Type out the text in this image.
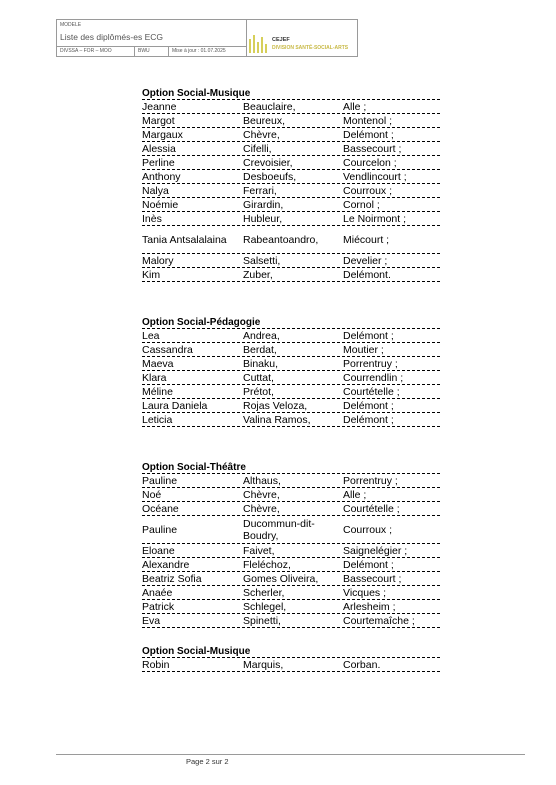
MODELE
Liste des diplômés-es ECG
DIVSSA – FOR – MOO	BWU	Mise à jour : 01.07.2025
CEJEF
DIVISION SANTÉ-SOCIAL-ARTS
Option Social-Musique
Jeanne	Beauclaire,	Alle ;
Margot	Beureux,	Montenol ;
Margaux	Chèvre,	Delémont ;
Alessia	Cifelli,	Bassecourt ;
Perline	Crevoisier,	Courcelon ;
Anthony	Desboeufs,	Vendlincourt ;
Nalya	Ferrari,	Courroux ;
Noémie	Girardin,	Cornol ;
Inès	Hubleur,	Le Noirmont ;
Tania Antsalalaina	Rabeantoandro,	Miécourt ;
Malory	Salsetti,	Develier ;
Kim	Zuber,	Delémont.
Option Social-Pédagogie
Lea	Andrea,	Delémont ;
Cassandra	Berdat,	Moutier ;
Maeva	Binaku,	Porrentruy ;
Klara	Cuttat,	Courrendlin ;
Méline	Prétot,	Courtételle ;
Laura Daniela	Rojas Veloza,	Delémont ;
Leticia	Valina Ramos,	Delémont ;
Option Social-Théâtre
Pauline	Althaus,	Porrentruy ;
Noé	Chèvre,	Alle ;
Océane	Chèvre,	Courtételle ;
Pauline	Ducommun-dit-Boudry,	Courroux ;
Eloane	Faivet,	Saignelégier ;
Alexandre	Fleléchoz,	Delémont ;
Beatriz Sofia	Gomes Oliveira,	Bassecourt ;
Anaée	Scherler,	Vicques ;
Patrick	Schlegel,	Arlesheim ;
Eva	Spinetti,	Courtemaîche ;
Option Social-Musique
Robin	Marquis,	Corban.
Page 2 sur 2
